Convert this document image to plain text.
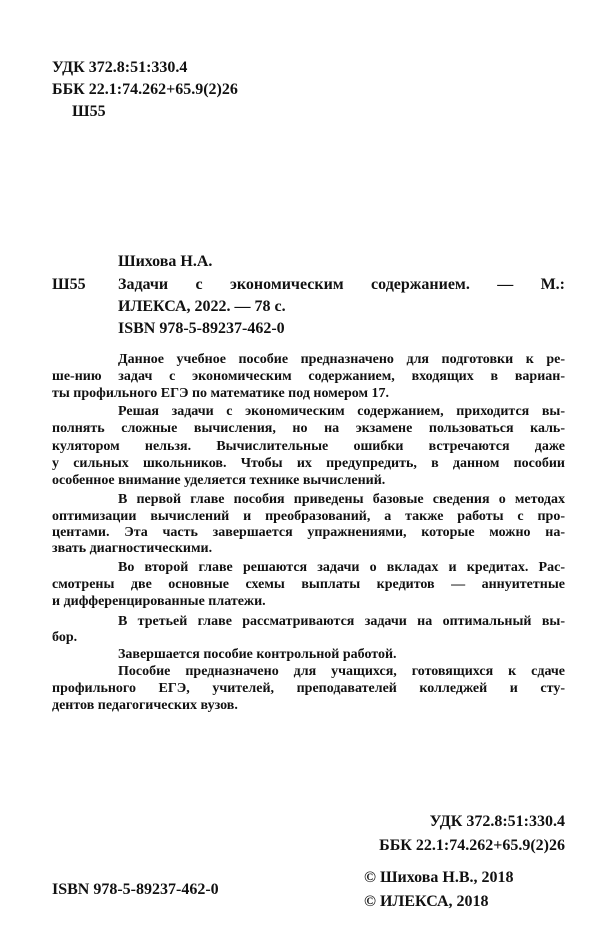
УДК 372.8:51:330.4
ББК 22.1:74.262+65.9(2)26
Ш55
Шихова Н.А.
Ш55 Задачи с экономическим содержанием. — М.:
ИЛЕКСА, 2022. — 78 с.
ISBN 978-5-89237-462-0
Данное учебное пособие предназначено для подготовки к ре-
ше-нию задач с экономическим содержанием, входящих в вариан-
ты профильного ЕГЭ по математике под номером 17.
Решая задачи с экономическим содержанием, приходится вы-
полнять сложные вычисления, но на экзамене пользоваться каль-
кулятором нельзя. Вычислительные ошибки встречаются даже
у сильных школьников. Чтобы их предупредить, в данном пособии
особенное внимание уделяется технике вычислений.
В первой главе пособия приведены базовые сведения о методах
оптимизации вычислений и преобразований, а также работы с про-
центами. Эта часть завершается упражнениями, которые можно на-
звать диагностическими.
Во второй главе решаются задачи о вкладах и кредитах. Рас-
смотрены две основные схемы выплаты кредитов — аннуитетные
и дифференцированные платежи.
В третьей главе рассматриваются задачи на оптимальный вы-
бор.
Завершается пособие контрольной работой.
Пособие предназначено для учащихся, готовящихся к сдаче
профильного ЕГЭ, учителей, преподавателей колледжей и сту-
дентов педагогических вузов.
УДК 372.8:51:330.4
ББК 22.1:74.262+65.9(2)26
ISBN 978-5-89237-462-0
© Шихова Н.В., 2018
© ИЛЕКСА, 2018
